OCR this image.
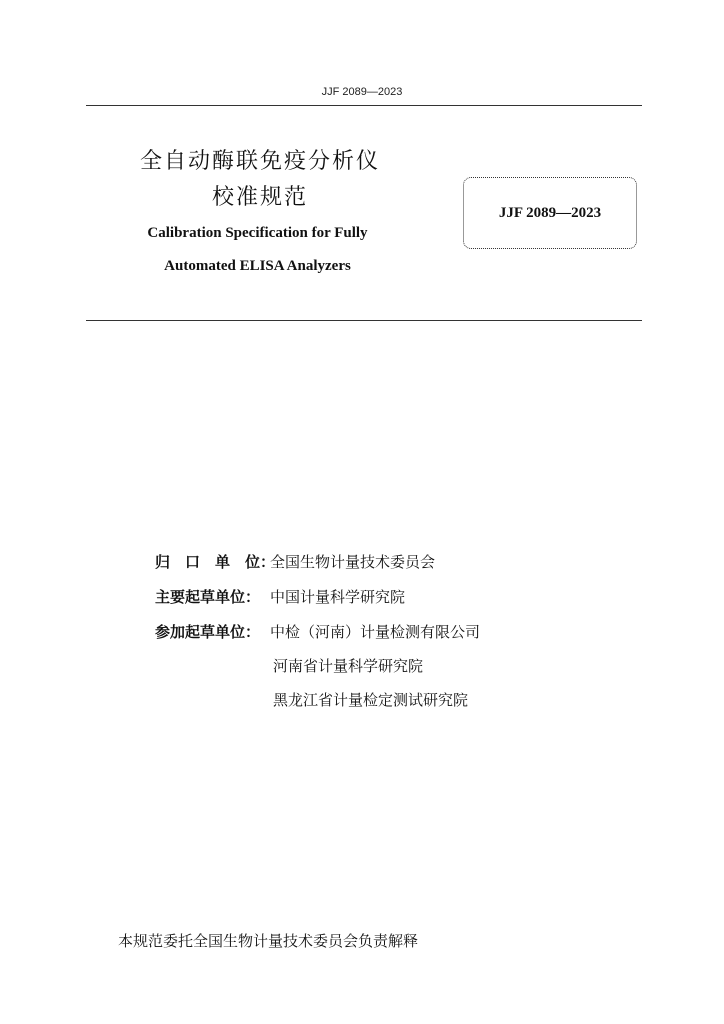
JJF 2089—2023
全自动酶联免疫分析仪
校准规范
Calibration Specification for Fully
Automated ELISA Analyzers
JJF 2089—2023
归　口　单　位：
全国生物计量技术委员会
主要起草单位： 中国计量科学研究院
参加起草单位： 中检（河南）计量检测有限公司
河南省计量科学研究院
黑龙江省计量检定测试研究院
本规范委托全国生物计量技术委员会负责解释
